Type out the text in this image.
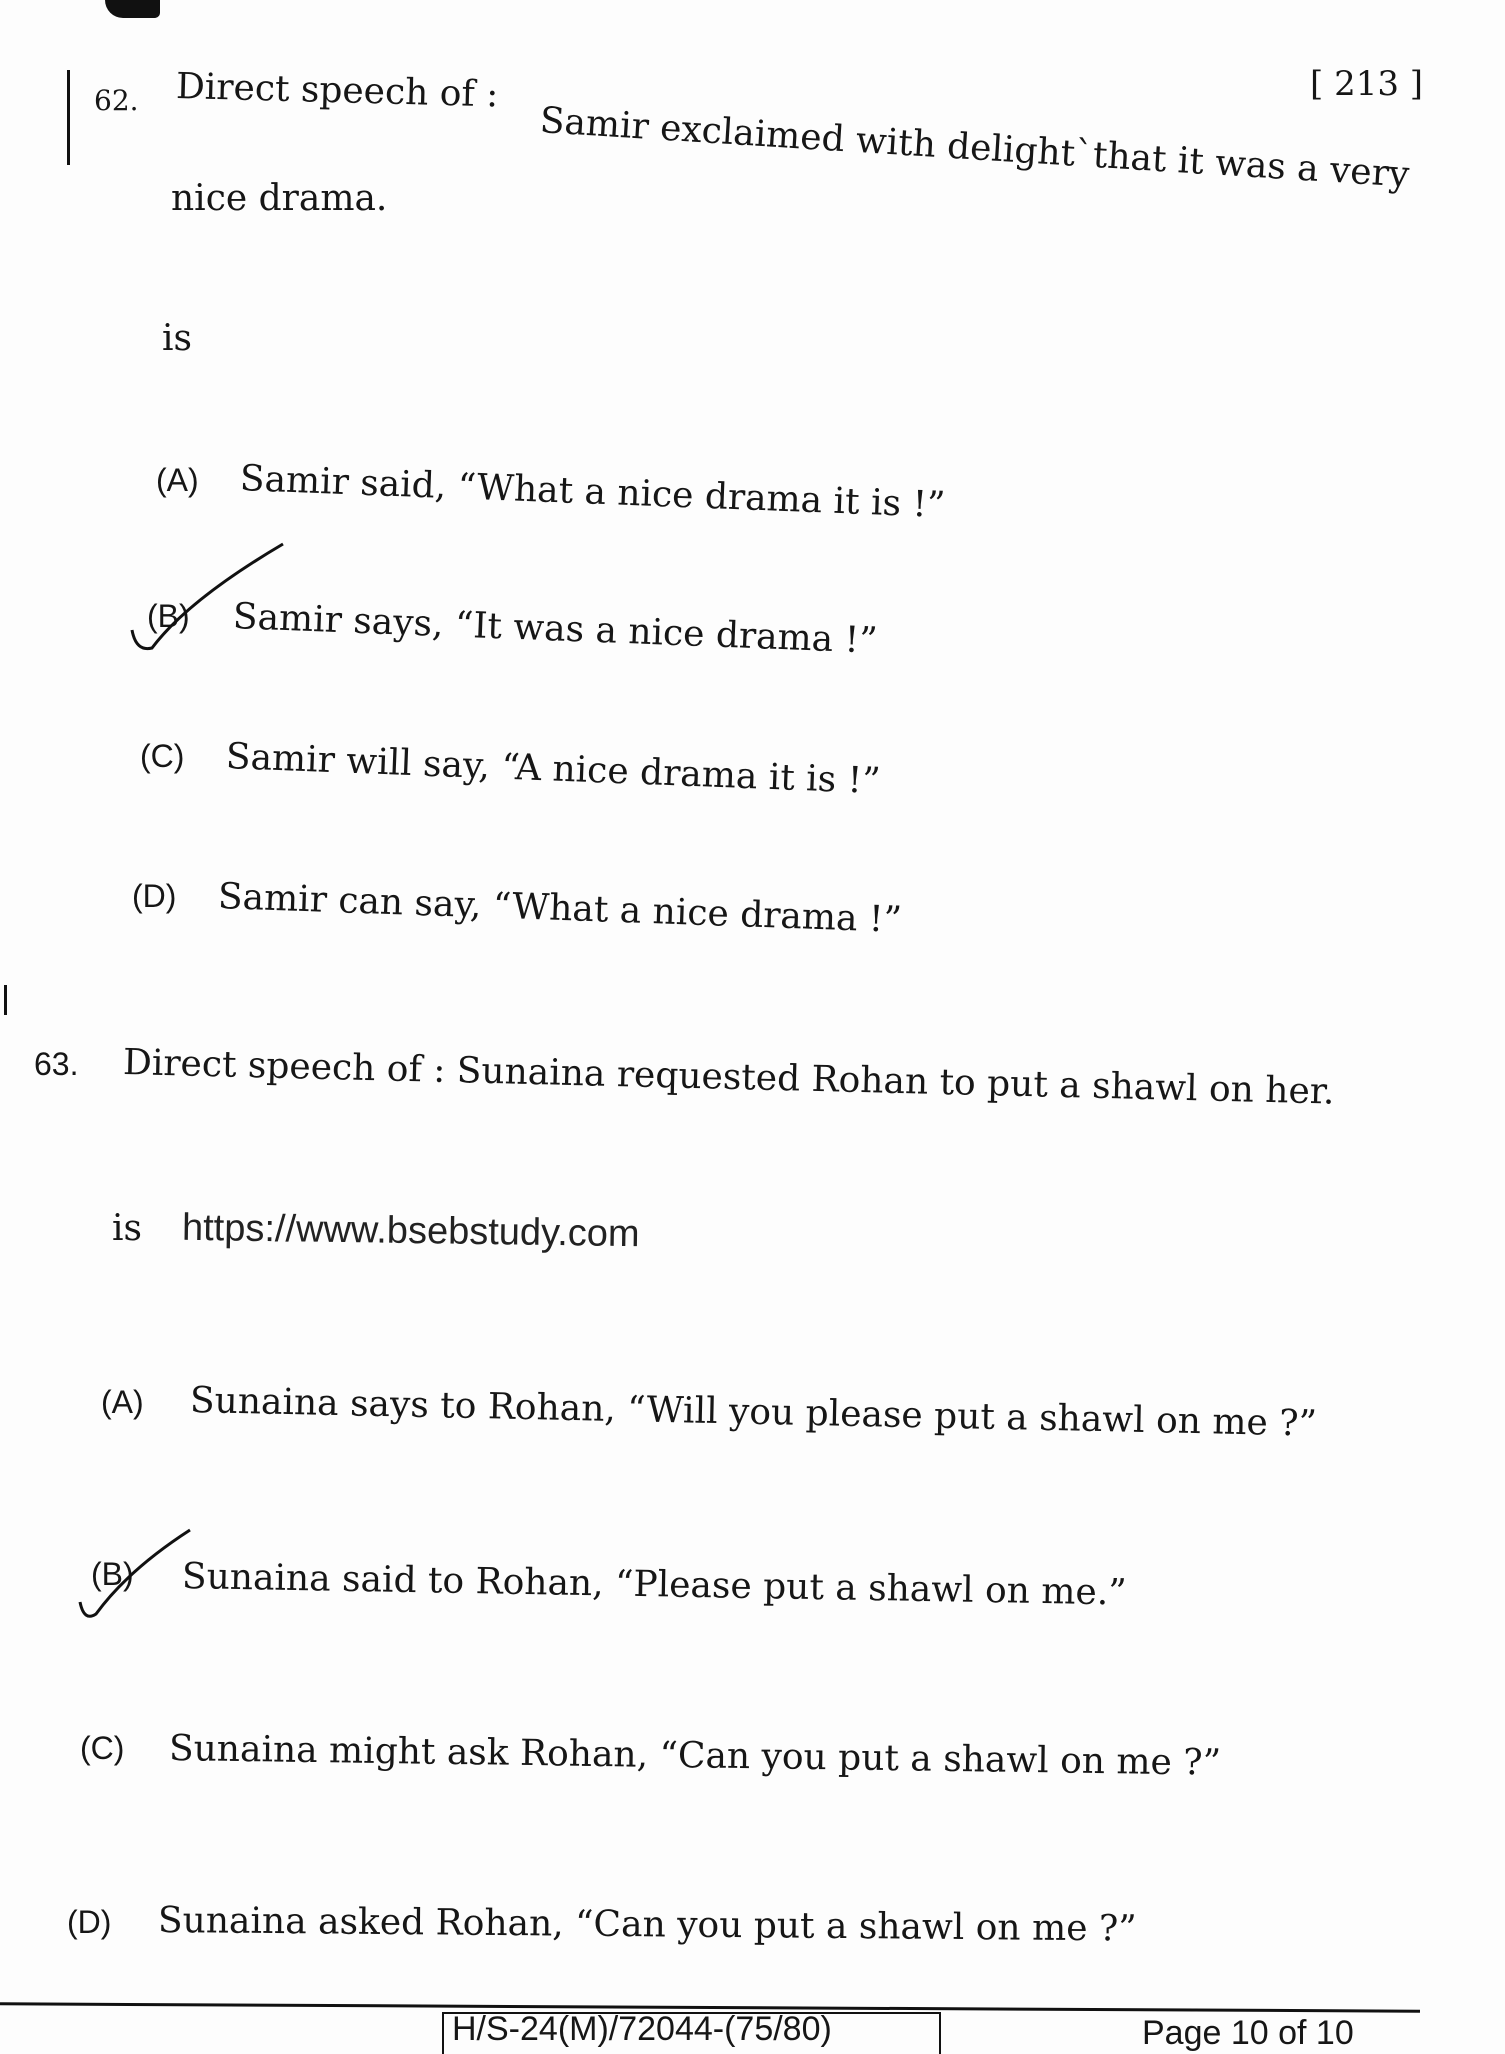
[ 213 ]
62. Direct speech of :
Samir exclaimed with delight`that it was a very
nice drama.
is
(A) Samir said, “What a nice drama it is !”
(B) Samir says, “It was a nice drama !”
(C) Samir will say, “A nice drama it is !”
(D) Samir can say, “What a nice drama !”
63. Direct speech of : Sunaina requested Rohan to put a shawl on her.
is https://www.bsebstudy.com
(A) Sunaina says to Rohan, “Will you please put a shawl on me ?”
(B) Sunaina said to Rohan, “Please put a shawl on me.”
(C) Sunaina might ask Rohan, “Can you put a shawl on me ?”
(D) Sunaina asked Rohan, “Can you put a shawl on me ?”
H/S-24(M)/72044-(75/80)	Page 10 of 10
